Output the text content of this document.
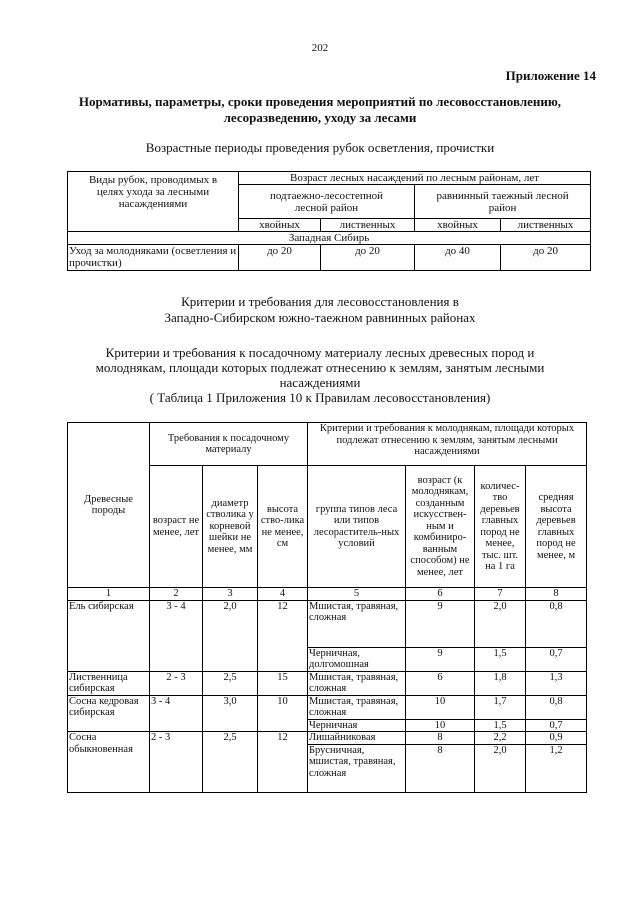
202
Приложение 14
Нормативы, параметры, сроки проведения мероприятий по лесовосстановлению,
лесоразведению, уходу за лесами
Возрастные периоды проведения рубок осветления, прочистки
Виды рубок, проводимых в целях ухода за лесными насаждениями	Возраст лесных насаждений по лесным районам, лет			
	подтаежно-лесостепной лесной район		равнинный таежный лесной район	
	хвойных	лиственных	хвойных	лиственных
Западная Сибирь				
Уход за молодняками (осветления и прочистки)	до 20	до 20	до 40	до 20
Критерии и требования для лесовосстановления в
Западно-Сибирском южно-таежном равнинных районах
Критерии и требования к посадочному материалу лесных древесных пород и
молоднякам, площади которых подлежат отнесению к землям, занятым лесными
насаждениями
( Таблица 1 Приложения 10 к Правилам лесовосстановления)
Древесные породы	Требования к посадочному материалу			Критерии и требования к молоднякам, площади которых подлежат отнесению к землям, занятым лесными насаждениями			
	возраст не менее, лет	диаметр стволика у корневой шейки не менее, мм	высота ство-лика не менее, см	группа типов леса или типов лесораститель-ных условий	возраст (к молоднякам, созданным искусствен-ным и комбиниро-ванным способом) не менее, лет	количес-тво деревьев главных пород не менее, тыс. шт. на 1 га	средняя высота деревьев главных пород не менее, м
1	2	3	4	5	6	7	8
Ель сибирская	3 - 4	2,0	12	Мшистая, травяная, сложная	9	2,0	0,8
				Черничная, долгомошная	9	1,5	0,7
Лиственница сибирская	2 - 3	2,5	15	Мшистая, травяная, сложная	6	1,8	1,3
Сосна кедровая сибирская	3 - 4	3,0	10	Мшистая, травяная, сложная	10	1,7	0,8
				Черничная	10	1,5	0,7
Сосна обыкновенная	2 - 3	2,5	12	Лишайниковая	8	2,2	0,9
				Брусничная, мшистая, травяная, сложная	8	2,0	1,2
